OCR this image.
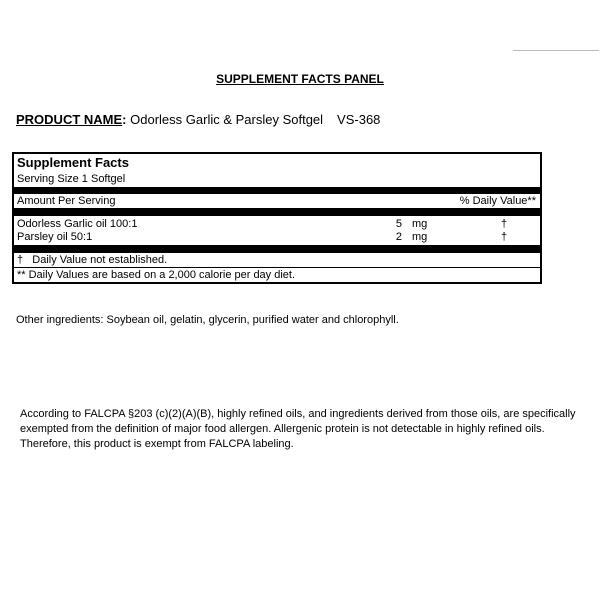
SUPPLEMENT FACTS PANEL
PRODUCT NAME: Odorless Garlic & Parsley Softgel VS-368
Supplement Facts
Serving Size 1 Softgel
Amount Per Serving	% Daily Value**
Odorless Garlic oil 100:1	5 mg	†
Parsley oil 50:1	2 mg	†
†   Daily Value not established.
** Daily Values are based on a 2,000 calorie per day diet.
Other ingredients: Soybean oil, gelatin, glycerin, purified water and chlorophyll.
According to FALCPA §203 (c)(2)(A)(B), highly refined oils, and ingredients derived from those oils, are specifically exempted from the definition of major food allergen. Allergenic protein is not detectable in highly refined oils. Therefore, this product is exempt from FALCPA labeling.
